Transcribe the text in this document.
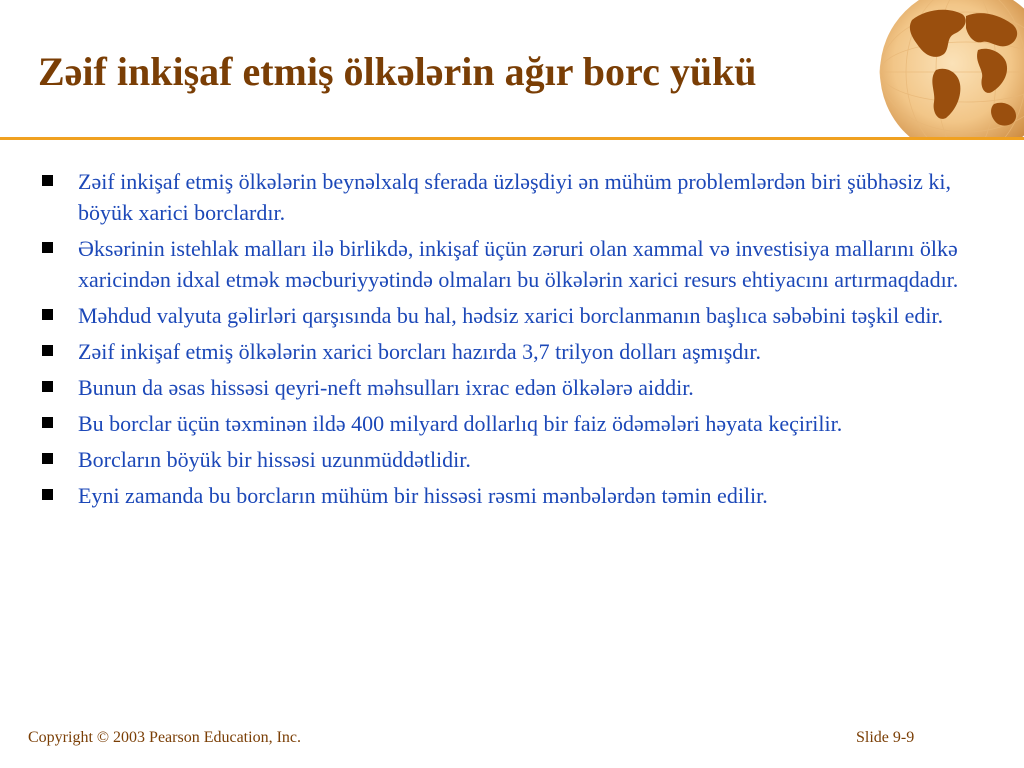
Zəif inkişaf etmiş ölkələrin ağır borc yükü
Zəif inkişaf etmiş ölkələrin beynəlxalq sferada üzləşdiyi ən mühüm problemlərdən biri şübhəsiz ki, böyük xarici borclardır.
Əksərinin istehlak malları ilə birlikdə, inkişaf üçün zəruri olan xammal və investisiya mallarını ölkə xaricindən idxal etmək məcburiyyətində olmaları bu ölkələrin xarici resurs ehtiyacını artırmaqdadır.
Məhdud valyuta gəlirləri qarşısında bu hal, hədsiz xarici borclanmanın başlıca səbəbini təşkil edir.
Zəif inkişaf etmiş ölkələrin xarici borcları hazırda 3,7 trilyon dolları aşmışdır.
Bunun da əsas hissəsi qeyri-neft məhsulları ixrac edən ölkələrə aiddir.
Bu borclar üçün təxminən ildə 400 milyard dollarlıq bir faiz ödəmələri həyata keçirilir.
Borcların böyük bir hissəsi uzunmüddətlidir.
Eyni zamanda bu borcların mühüm bir hissəsi rəsmi mənbələrdən təmin edilir.
Copyright © 2003 Pearson Education, Inc.	Slide 9-9
